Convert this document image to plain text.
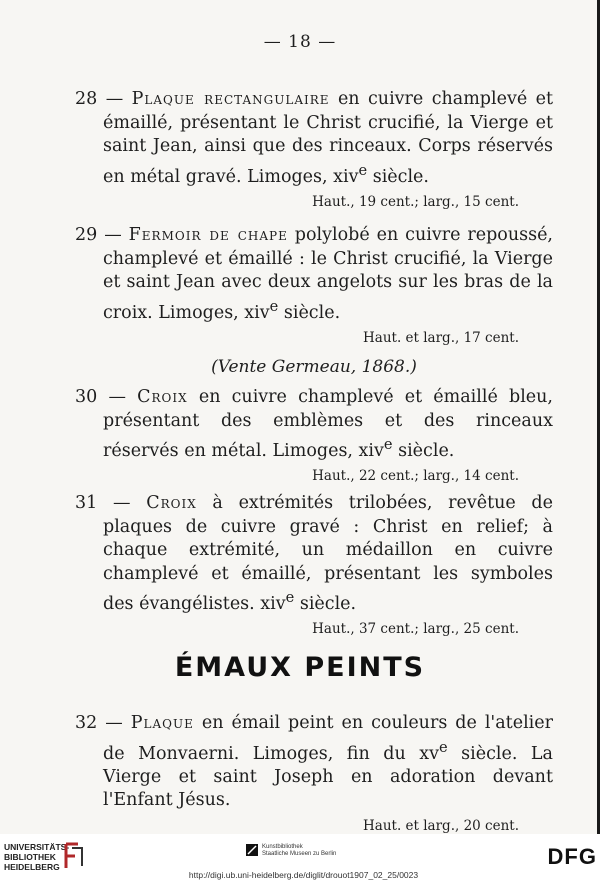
— 18 —

28 — Plaque rectangulaire en cuivre champlevé et émaillé, présentant le Christ crucifié, la Vierge et saint Jean, ainsi que des rinceaux. Corps réservés en métal gravé. Limoges, xiv$^e$ siècle.

Haut., 19 cent.; larg., 15 cent.

29 — Fermoir de chape polylobé en cuivre repoussé, champlevé et émaillé : le Christ crucifié, la Vierge et saint Jean avec deux angelots sur les bras de la croix. Limoges, xiv$^e$ siècle.

Haut. et larg., 17 cent.
(Vente Germeau, 1868.)

30 — Croix en cuivre champlevé et émaillé bleu, présentant des emblèmes et des rinceaux réservés en métal. Limoges, xiv$^e$ siècle.

Haut., 22 cent.; larg., 14 cent.

31 — Croix à extrémités trilobées, revêtue de plaques de cuivre gravé : Christ en relief; à chaque extrémité, un médaillon en cuivre champlevé et émaillé, présentant les symboles des évangélistes. xiv$^e$ siècle.

Haut., 37 cent.; larg., 25 cent.
ÉMAUX PEINTS

32 — Plaque en émail peint en couleurs de l'atelier de Monvaerni. Limoges, fin du $xv^e$ siècle. La Vierge et saint Joseph en adoration devant l'Enfant Jésus.

Haut. et larg., 20 cent.
UNIVERSITÄTS-
BIBLIOTHEK
HEIDELBERG
Kunstbibliothek
Staatliche Museen zu Berlin	DFG
http://digi.ub.uni-heidelberg.de/diglit/drouot1907_02_25/0023
